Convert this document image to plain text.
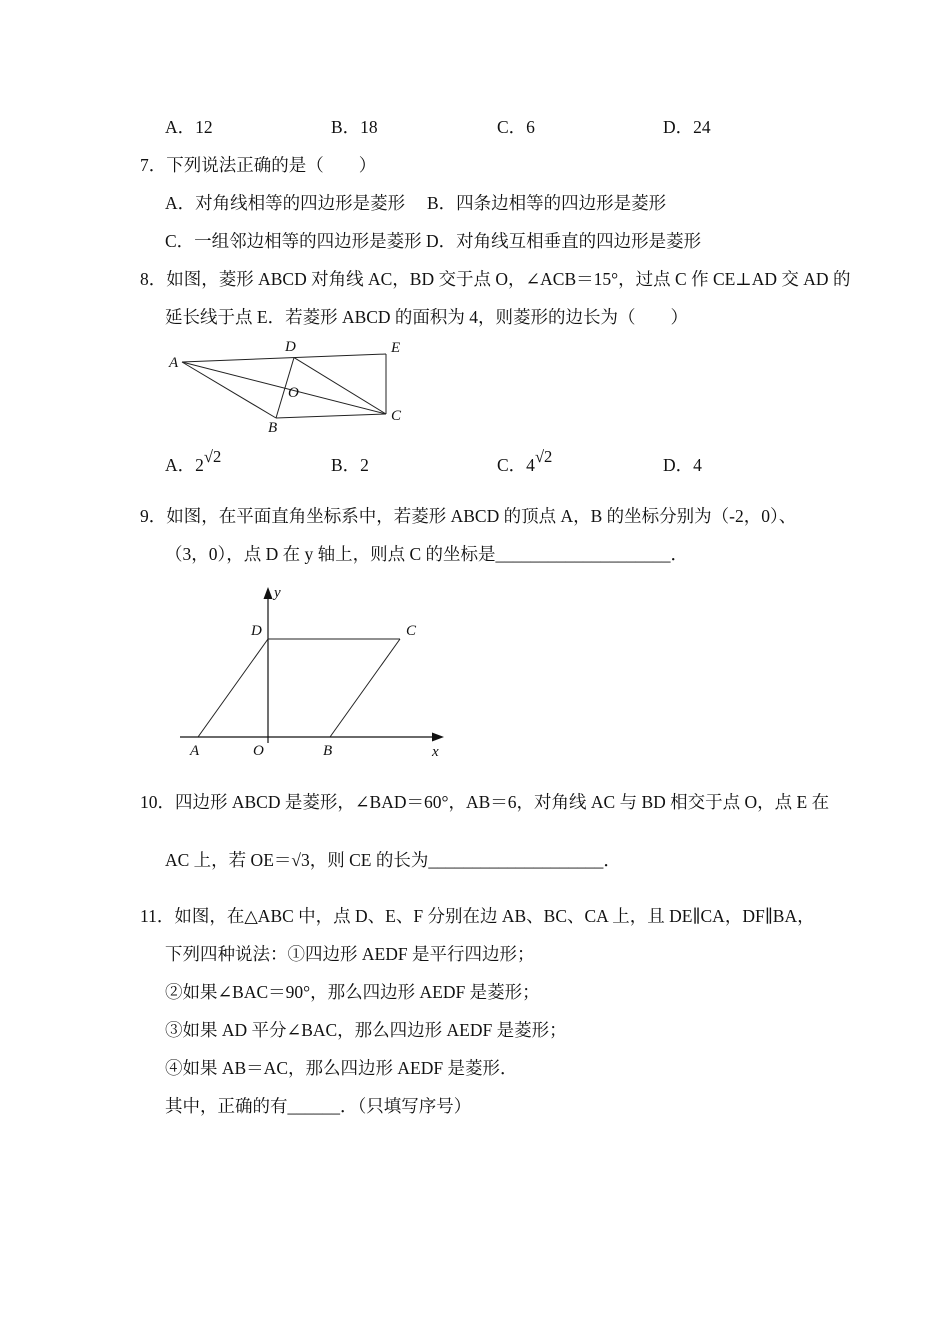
A．12	B．18	C．6	D．24
7．下列说法正确的是（　　）
A．对角线相等的四边形是菱形　 B．四条边相等的四边形是菱形
C．一组邻边相等的四边形是菱形 D．对角线互相垂直的四边形是菱形
8．如图，菱形 ABCD 对角线 AC，BD 交于点 O，∠ACB＝15°，过点 C 作 CE⊥AD 交 AD 的
延长线于点 E．若菱形 ABCD 的面积为 4，则菱形的边长为（　　）
A
D	E
O
B
C
A．2√2	B．2	C．4√2	D．4
9．如图，在平面直角坐标系中，若菱形 ABCD 的顶点 A，B 的坐标分别为（-2，0）、
（3，0），点 D 在 y 轴上，则点 C 的坐标是____________________．
y
x
O
A	B
D	C
10．四边形 ABCD 是菱形，∠BAD＝60°，AB＝6，对角线 AC 与 BD 相交于点 O，点 E 在
AC 上，若 OE＝√3，则 CE 的长为____________________．
11．如图，在△ABC 中，点 D、E、F 分别在边 AB、BC、CA 上，且 DE∥CA，DF∥BA，
下列四种说法：①四边形 AEDF 是平行四边形；
②如果∠BAC＝90°，那么四边形 AEDF 是菱形；
③如果 AD 平分∠BAC，那么四边形 AEDF 是菱形；
④如果 AB＝AC，那么四边形 AEDF 是菱形．
其中，正确的有______．（只填写序号）
